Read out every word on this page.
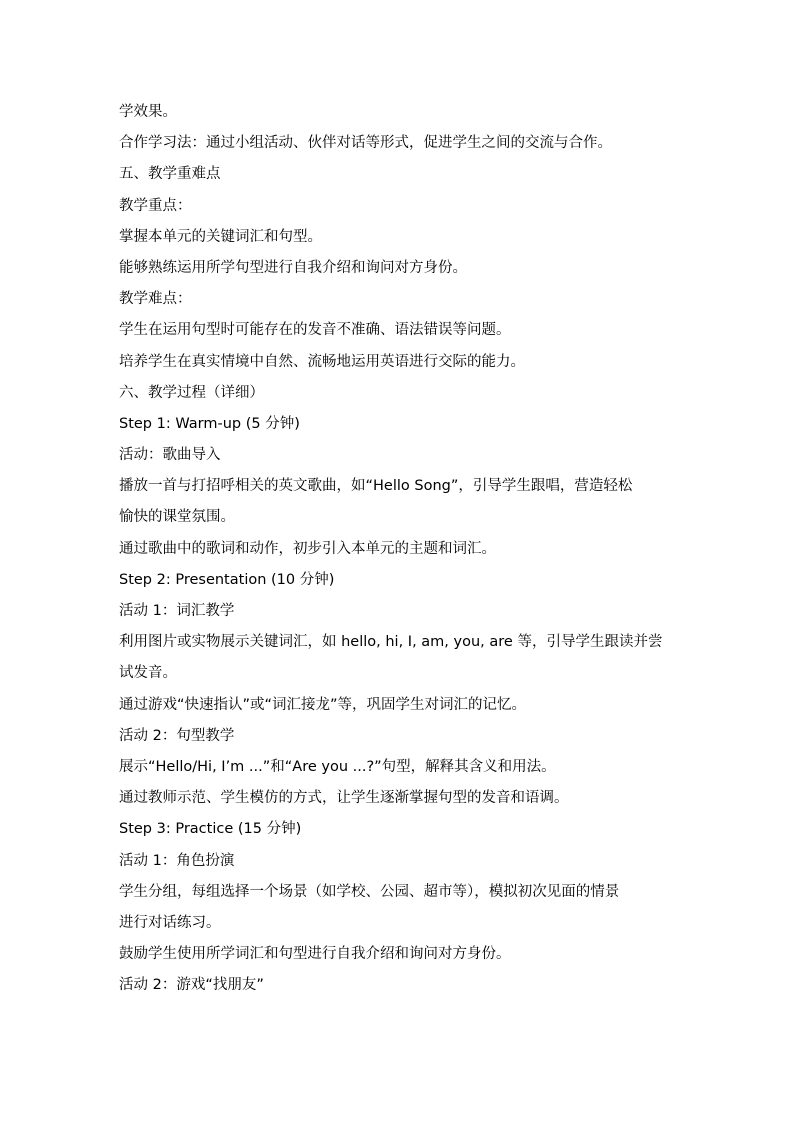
学效果。

合作学习法：通过小组活动、伙伴对话等形式，促进学生之间的交流与合作。

五、教学重难点

教学重点：

掌握本单元的关键词汇和句型。

能够熟练运用所学句型进行自我介绍和询问对方身份。

教学难点：

学生在运用句型时可能存在的发音不准确、语法错误等问题。

培养学生在真实情境中自然、流畅地运用英语进行交际的能力。

六、教学过程（详细）

Step 1: Warm-up (5 分钟)

活动：歌曲导入

播放一首与打招呼相关的英文歌曲，如“Hello Song”，引导学生跟唱，营造轻松

愉快的课堂氛围。

通过歌曲中的歌词和动作，初步引入本单元的主题和词汇。

Step 2: Presentation (10 分钟)

活动 1：词汇教学

利用图片或实物展示关键词汇，如 hello, hi, I, am, you, are 等，引导学生跟读并尝

试发音。

通过游戏“快速指认”或“词汇接龙”等，巩固学生对词汇的记忆。

活动 2：句型教学

展示“Hello/Hi, I’m ...”和“Are you ...?”句型，解释其含义和用法。

通过教师示范、学生模仿的方式，让学生逐渐掌握句型的发音和语调。

Step 3: Practice (15 分钟)

活动 1：角色扮演

学生分组，每组选择一个场景（如学校、公园、超市等），模拟初次见面的情景

进行对话练习。

鼓励学生使用所学词汇和句型进行自我介绍和询问对方身份。

活动 2：游戏“找朋友”
